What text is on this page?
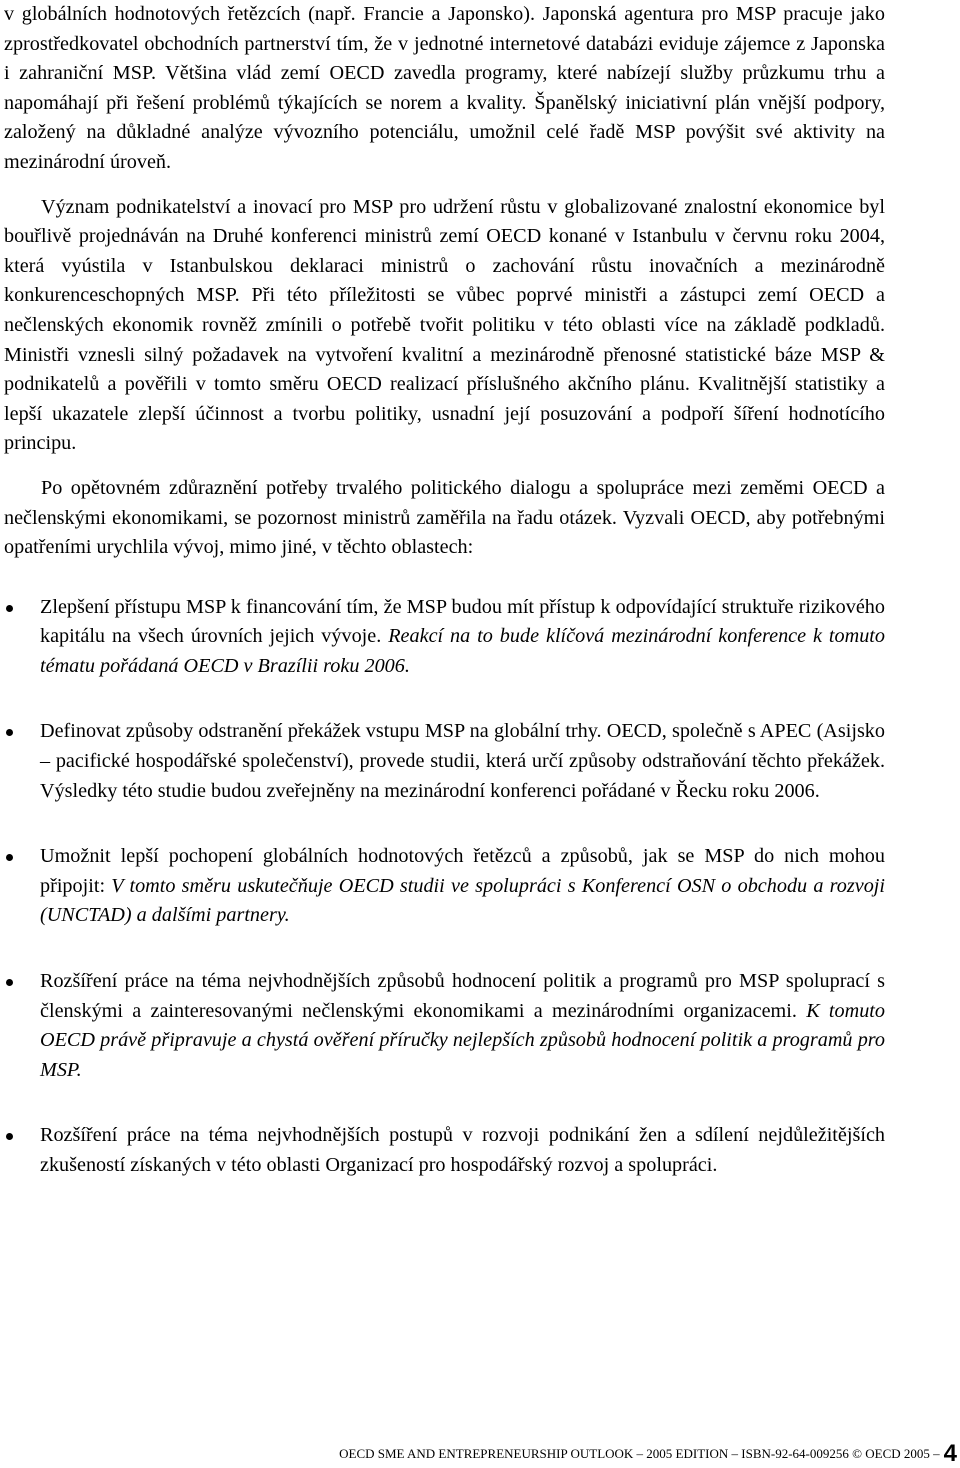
v globálních hodnotových řetězcích (např. Francie a Japonsko). Japonská agentura pro MSP pracuje jako zprostředkovatel obchodních partnerství tím, že v jednotné internetové databázi eviduje zájemce z Japonska i zahraniční MSP. Většina vlád zemí OECD zavedla programy, které nabízejí služby průzkumu trhu a napomáhají při řešení problémů týkajících se norem a kvality. Španělský iniciativní plán vnější podpory, založený na důkladné analýze vývozního potenciálu, umožnil celé řadě MSP povýšit své aktivity na mezinárodní úroveň.

Význam podnikatelství a inovací pro MSP pro udržení růstu v globalizované znalostní ekonomice byl bouřlivě projednáván na Druhé konferenci ministrů zemí OECD konané v Istanbulu v červnu roku 2004, která vyústila v Istanbulskou deklaraci ministrů o zachování růstu inovačních a mezinárodně konkurenceschopných MSP. Při této příležitosti se vůbec poprvé ministři a zástupci zemí OECD a nečlenských ekonomik rovněž zmínili o potřebě tvořit politiku v této oblasti více na základě podkladů. Ministři vznesli silný požadavek na vytvoření kvalitní a mezinárodně přenosné statistické báze MSP & podnikatelů a pověřili v tomto směru OECD realizací příslušného akčního plánu. Kvalitnější statistiky a lepší ukazatele zlepší účinnost a tvorbu politiky, usnadní její posuzování a podpoří šíření hodnotícího principu.

Po opětovném zdůraznění potřeby trvalého politického dialogu a spolupráce mezi zeměmi OECD a nečlenskými ekonomikami, se pozornost ministrů zaměřila na řadu otázek. Vyzvali OECD, aby potřebnými opatřeními urychlila vývoj, mimo jiné, v těchto oblastech:

Zlepšení přístupu MSP k financování tím, že MSP budou mít přístup k odpovídající struktuře rizikového kapitálu na všech úrovních jejich vývoje. Reakcí na to bude klíčová mezinárodní konference k tomuto tématu pořádaná OECD v Brazílii roku 2006.

Definovat způsoby odstranění překážek vstupu MSP na globální trhy. OECD, společně s APEC (Asijsko – pacifické hospodářské společenství), provede studii, která určí způsoby odstraňování těchto překážek. Výsledky této studie budou zveřejněny na mezinárodní konferenci pořádané v Řecku roku 2006.

Umožnit lepší pochopení globálních hodnotových řetězců a způsobů, jak se MSP do nich mohou připojit: V tomto směru uskutečňuje OECD studii ve spolupráci s Konferencí OSN o obchodu a rozvoji (UNCTAD) a dalšími partnery.

Rozšíření práce na téma nejvhodnějších způsobů hodnocení politik a programů pro MSP spoluprací s členskými a zainteresovanými nečlenskými ekonomikami a mezinárodními organizacemi. K tomuto OECD právě připravuje a chystá ověření příručky nejlepších způsobů hodnocení politik a programů pro MSP.

Rozšíření práce na téma nejvhodnějších postupů v rozvoji podnikání žen a sdílení nejdůležitějších zkušeností získaných v této oblasti Organizací pro hospodářský rozvoj a spolupráci.

OECD SME AND ENTREPRENEURSHIP OUTLOOK – 2005 EDITION – ISBN-92-64-009256 © OECD 2005 – 4
